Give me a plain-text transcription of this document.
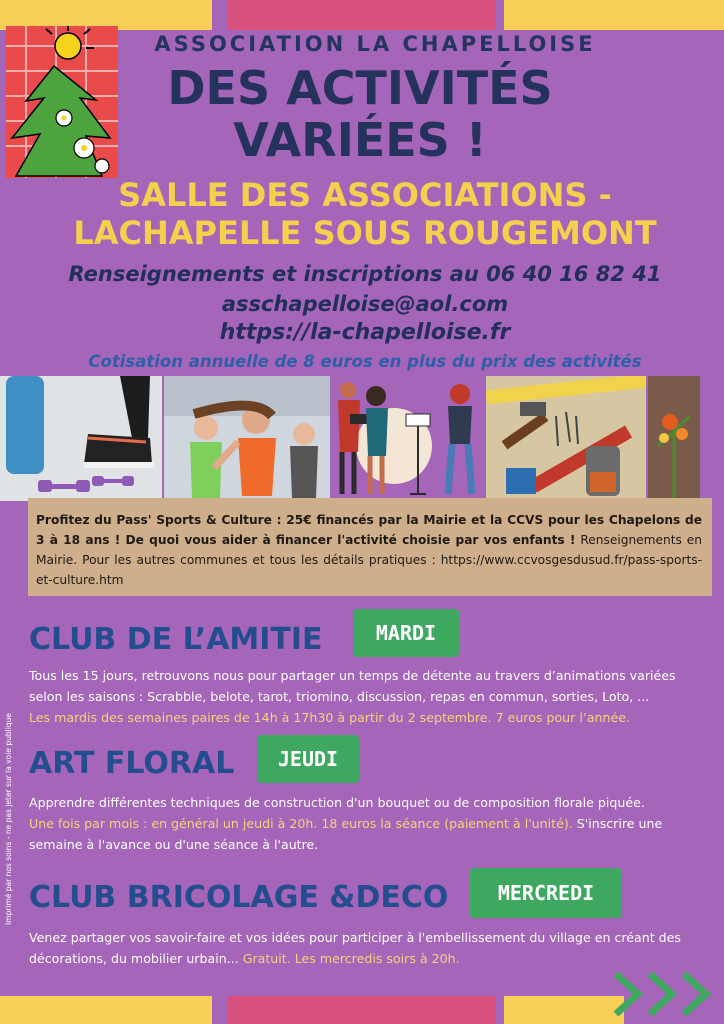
ASSOCIATION LA CHAPELLOISE
DES ACTIVITÉS
VARIÉES !
SALLE DES ASSOCIATIONS -
LACHAPELLE SOUS ROUGEMONT
Renseignements et inscriptions au 06 40 16 82 41
asschapelloise@aol.com
https://la-chapelloise.fr
Cotisation annuelle de 8 euros en plus du prix des activités
Profitez du Pass' Sports & Culture : 25€ financés par la Mairie et la CCVS pour les Chapelons de 3 à 18 ans ! De quoi vous aider à financer l'activité choisie par vos enfants ! Renseignements en Mairie. Pour les autres communes et tous les détails pratiques : https://www.ccvosgesdusud.fr/pass-sports-et-culture.htm
Imprimé par nos soins - ne pas jeter sur la voie publique
CLUB DE L’AMITIE	MARDI
Tous les 15 jours, retrouvons nous pour partager un temps de détente au travers d’animations variées selon les saisons : Scrabble, belote, tarot, triomino, discussion, repas en commun, sorties, Loto, ...
Les mardis des semaines paires de 14h à 17h30 à partir du 2 septembre. 7 euros pour l’année.
ART FLORAL	JEUDI
Apprendre différentes techniques de construction d'un bouquet ou de composition florale piquée.
Une fois par mois : en général un jeudi à 20h. 18 euros la séance (paiement à l'unité). S'inscrire une semaine à l'avance ou d'une séance à l'autre.
CLUB BRICOLAGE &DECO	MERCREDI
Venez partager vos savoir-faire et vos idées pour participer à l'embellissement du village en créant des décorations, du mobilier urbain... Gratuit. Les mercredis soirs à 20h.
